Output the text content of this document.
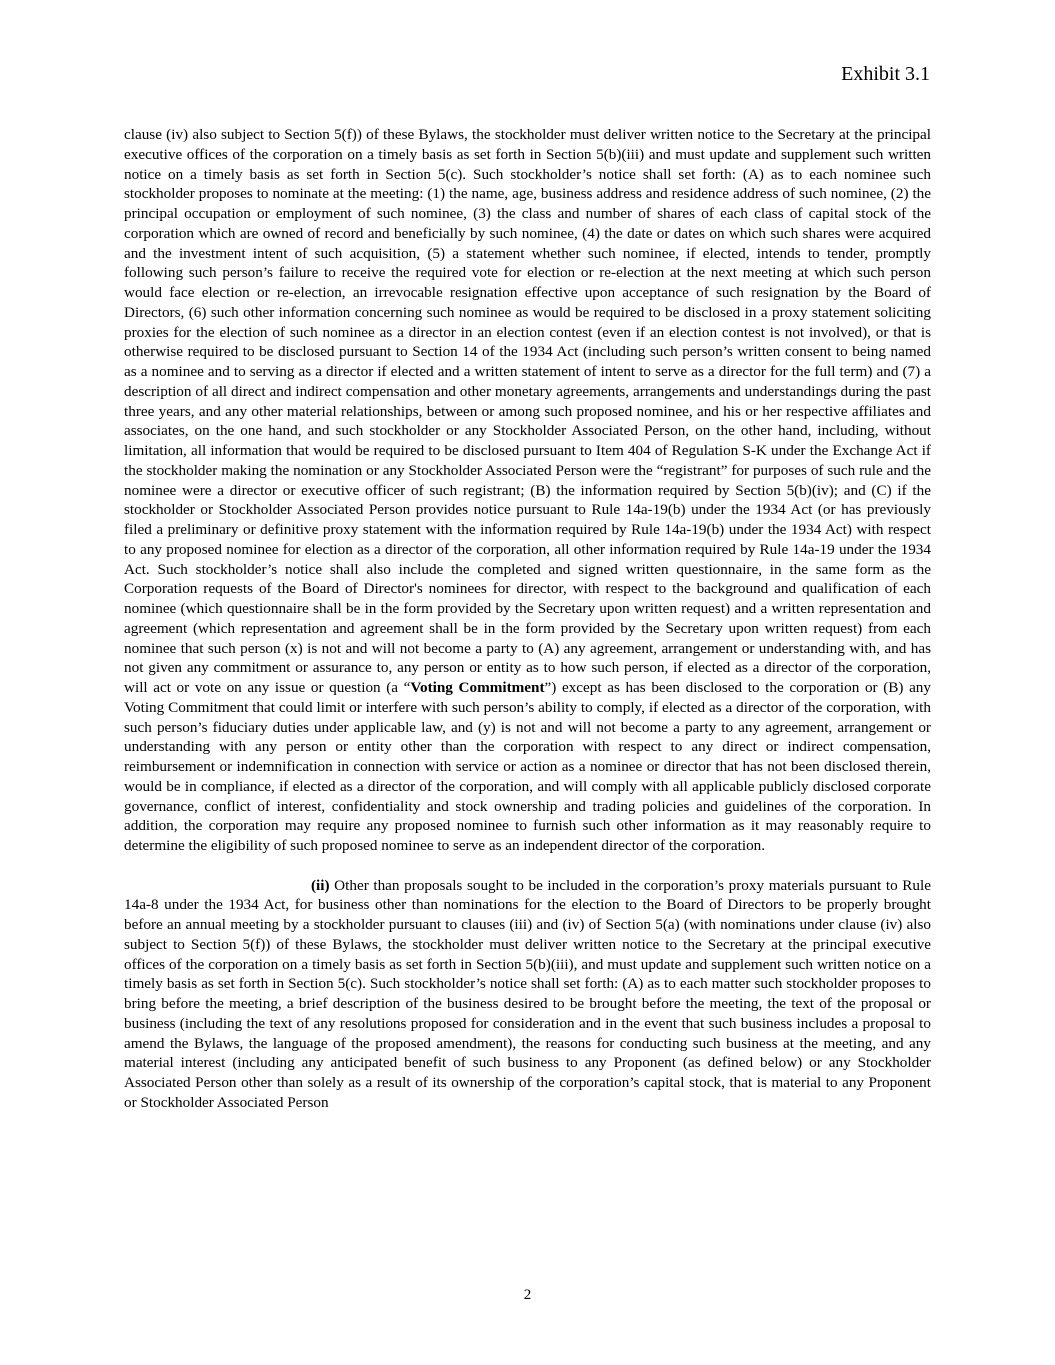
Exhibit 3.1

clause (iv) also subject to Section 5(f)) of these Bylaws, the stockholder must deliver written notice to the Secretary at the principal executive offices of the corporation on a timely basis as set forth in Section 5(b)(iii) and must update and supplement such written notice on a timely basis as set forth in Section 5(c). Such stockholder’s notice shall set forth: (A) as to each nominee such stockholder proposes to nominate at the meeting: (1) the name, age, business address and residence address of such nominee, (2) the principal occupation or employment of such nominee, (3) the class and number of shares of each class of capital stock of the corporation which are owned of record and beneficially by such nominee, (4) the date or dates on which such shares were acquired and the investment intent of such acquisition, (5) a statement whether such nominee, if elected, intends to tender, promptly following such person’s failure to receive the required vote for election or re-election at the next meeting at which such person would face election or re-election, an irrevocable resignation effective upon acceptance of such resignation by the Board of Directors, (6) such other information concerning such nominee as would be required to be disclosed in a proxy statement soliciting proxies for the election of such nominee as a director in an election contest (even if an election contest is not involved), or that is otherwise required to be disclosed pursuant to Section 14 of the 1934 Act (including such person’s written consent to being named as a nominee and to serving as a director if elected and a written statement of intent to serve as a director for the full term) and (7) a description of all direct and indirect compensation and other monetary agreements, arrangements and understandings during the past three years, and any other material relationships, between or among such proposed nominee, and his or her respective affiliates and associates, on the one hand, and such stockholder or any Stockholder Associated Person, on the other hand, including, without limitation, all information that would be required to be disclosed pursuant to Item 404 of Regulation S-K under the Exchange Act if the stockholder making the nomination or any Stockholder Associated Person were the “registrant” for purposes of such rule and the nominee were a director or executive officer of such registrant; (B) the information required by Section 5(b)(iv); and (C) if the stockholder or Stockholder Associated Person provides notice pursuant to Rule 14a-19(b) under the 1934 Act (or has previously filed a preliminary or definitive proxy statement with the information required by Rule 14a-19(b) under the 1934 Act) with respect to any proposed nominee for election as a director of the corporation, all other information required by Rule 14a-19 under the 1934 Act. Such stockholder’s notice shall also include the completed and signed written questionnaire, in the same form as the Corporation requests of the Board of Director's nominees for director, with respect to the background and qualification of each nominee (which questionnaire shall be in the form provided by the Secretary upon written request) and a written representation and agreement (which representation and agreement shall be in the form provided by the Secretary upon written request) from each nominee that such person (x) is not and will not become a party to (A) any agreement, arrangement or understanding with, and has not given any commitment or assurance to, any person or entity as to how such person, if elected as a director of the corporation, will act or vote on any issue or question (a “Voting Commitment”) except as has been disclosed to the corporation or (B) any Voting Commitment that could limit or interfere with such person’s ability to comply, if elected as a director of the corporation, with such person’s fiduciary duties under applicable law, and (y) is not and will not become a party to any agreement, arrangement or understanding with any person or entity other than the corporation with respect to any direct or indirect compensation, reimbursement or indemnification in connection with service or action as a nominee or director that has not been disclosed therein, would be in compliance, if elected as a director of the corporation, and will comply with all applicable publicly disclosed corporate governance, conflict of interest, confidentiality and stock ownership and trading policies and guidelines of the corporation. In addition, the corporation may require any proposed nominee to furnish such other information as it may reasonably require to determine the eligibility of such proposed nominee to serve as an independent director of the corporation.

(ii) Other than proposals sought to be included in the corporation’s proxy materials pursuant to Rule 14a-8 under the 1934 Act, for business other than nominations for the election to the Board of Directors to be properly brought before an annual meeting by a stockholder pursuant to clauses (iii) and (iv) of Section 5(a) (with nominations under clause (iv) also subject to Section 5(f)) of these Bylaws, the stockholder must deliver written notice to the Secretary at the principal executive offices of the corporation on a timely basis as set forth in Section 5(b)(iii), and must update and supplement such written notice on a timely basis as set forth in Section 5(c). Such stockholder’s notice shall set forth: (A) as to each matter such stockholder proposes to bring before the meeting, a brief description of the business desired to be brought before the meeting, the text of the proposal or business (including the text of any resolutions proposed for consideration and in the event that such business includes a proposal to amend the Bylaws, the language of the proposed amendment), the reasons for conducting such business at the meeting, and any material interest (including any anticipated benefit of such business to any Proponent (as defined below) or any Stockholder Associated Person other than solely as a result of its ownership of the corporation’s capital stock, that is material to any Proponent or Stockholder Associated Person

2
